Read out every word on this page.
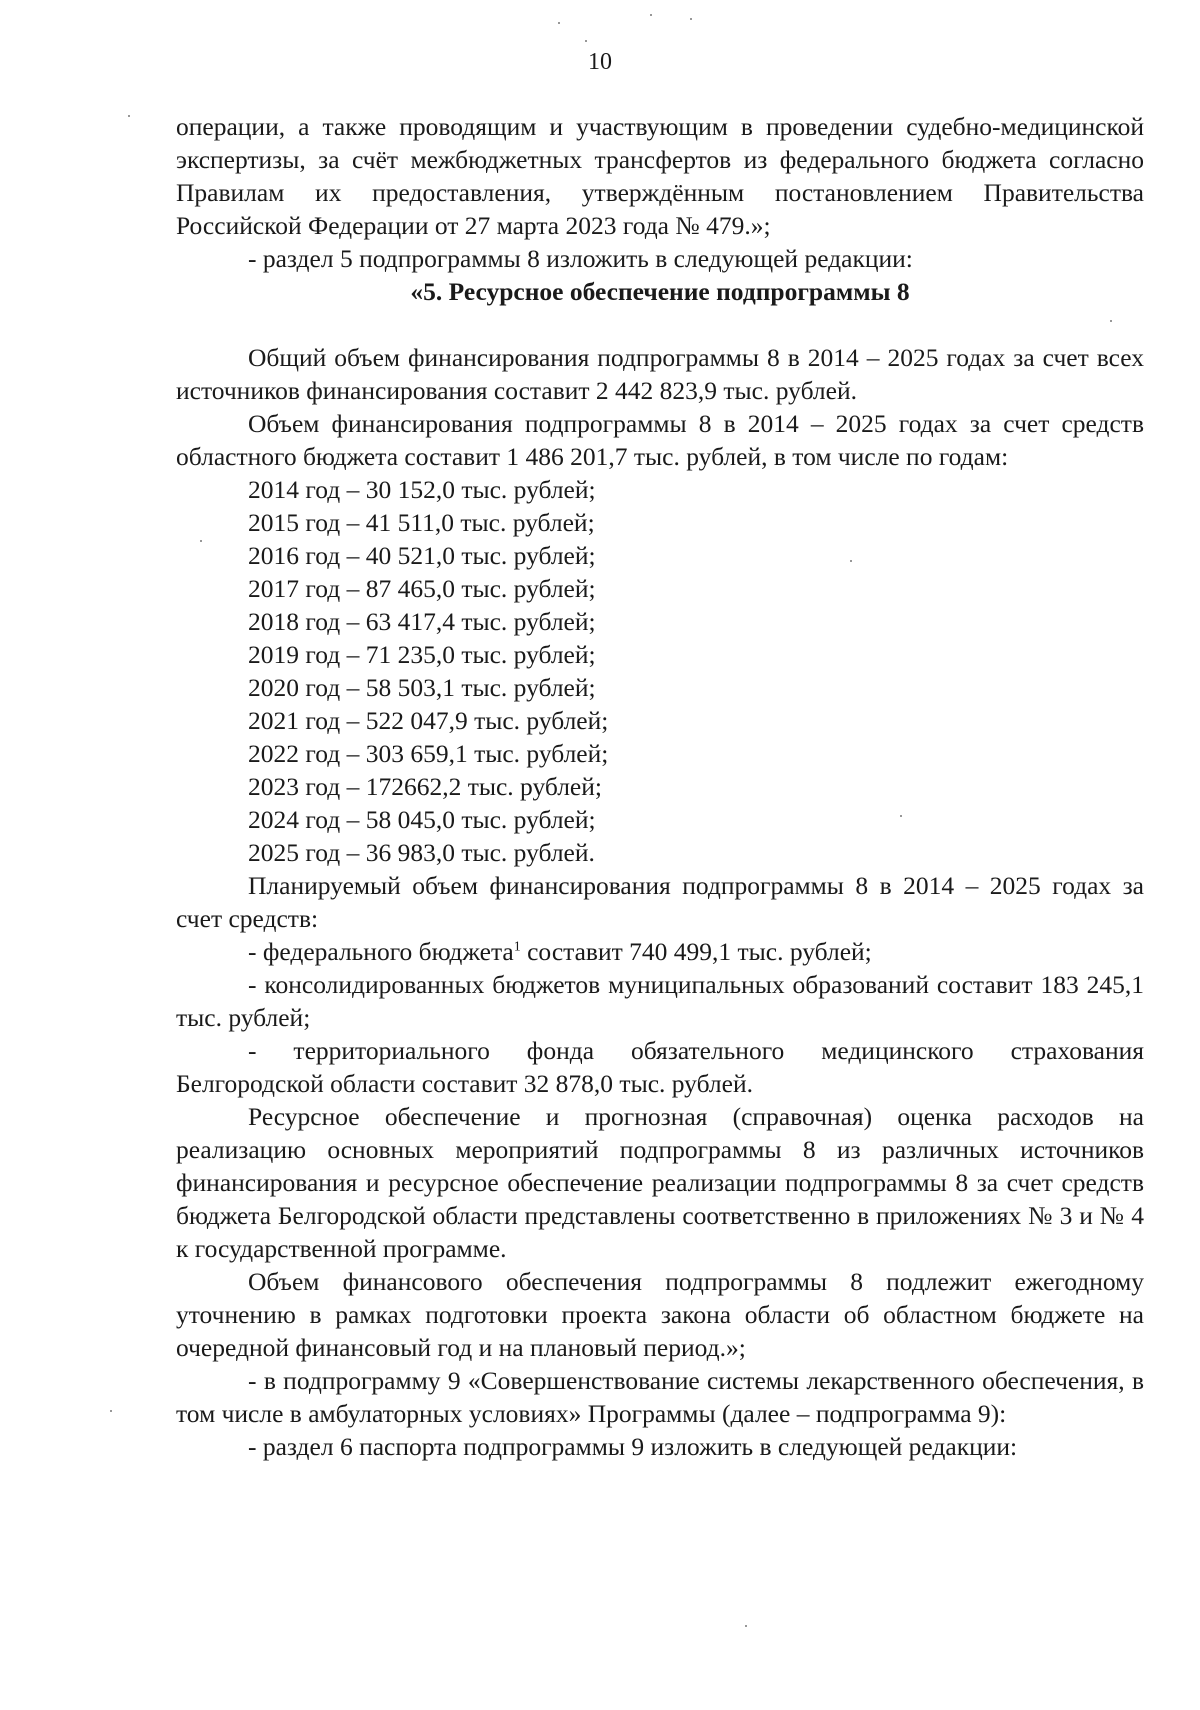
10

операции, а также проводящим и участвующим в проведении судебно-медицинской экспертизы, за счёт межбюджетных трансфертов из федерального бюджета согласно Правилам их предоставления, утверждённым постановлением Правительства Российской Федерации от 27 марта 2023 года № 479.»;

- раздел 5 подпрограммы 8 изложить в следующей редакции:

«5. Ресурсное обеспечение подпрограммы 8

Общий объем финансирования подпрограммы 8 в 2014 – 2025 годах за счет всех источников финансирования составит 2 442 823,9 тыс. рублей.

Объем финансирования подпрограммы 8 в 2014 – 2025 годах за счет средств областного бюджета составит 1 486 201,7 тыс. рублей, в том числе по годам:

2014 год – 30 152,0 тыс. рублей;
2015 год – 41 511,0 тыс. рублей;
2016 год – 40 521,0 тыс. рублей;
2017 год – 87 465,0 тыс. рублей;
2018 год – 63 417,4 тыс. рублей;
2019 год – 71 235,0 тыс. рублей;
2020 год – 58 503,1 тыс. рублей;
2021 год – 522 047,9 тыс. рублей;
2022 год – 303 659,1 тыс. рублей;
2023 год – 172662,2 тыс. рублей;
2024 год – 58 045,0 тыс. рублей;
2025 год – 36 983,0 тыс. рублей.

Планируемый объем финансирования подпрограммы 8 в 2014 – 2025 годах за счет средств:

- федерального бюджета$^1$ составит 740 499,1 тыс. рублей;

- консолидированных бюджетов муниципальных образований составит 183 245,1 тыс. рублей;

- территориального фонда обязательного медицинского страхования Белгородской области составит 32 878,0 тыс. рублей.

Ресурсное обеспечение и прогнозная (справочная) оценка расходов на реализацию основных мероприятий подпрограммы 8 из различных источников финансирования и ресурсное обеспечение реализации подпрограммы 8 за счет средств бюджета Белгородской области представлены соответственно в приложениях № 3 и № 4 к государственной программе.

Объем финансового обеспечения подпрограммы 8 подлежит ежегодному уточнению в рамках подготовки проекта закона области об областном бюджете на очередной финансовый год и на плановый период.»;

- в подпрограмму 9 «Совершенствование системы лекарственного обеспечения, в том числе в амбулаторных условиях» Программы (далее – подпрограмма 9):

- раздел 6 паспорта подпрограммы 9 изложить в следующей редакции:
